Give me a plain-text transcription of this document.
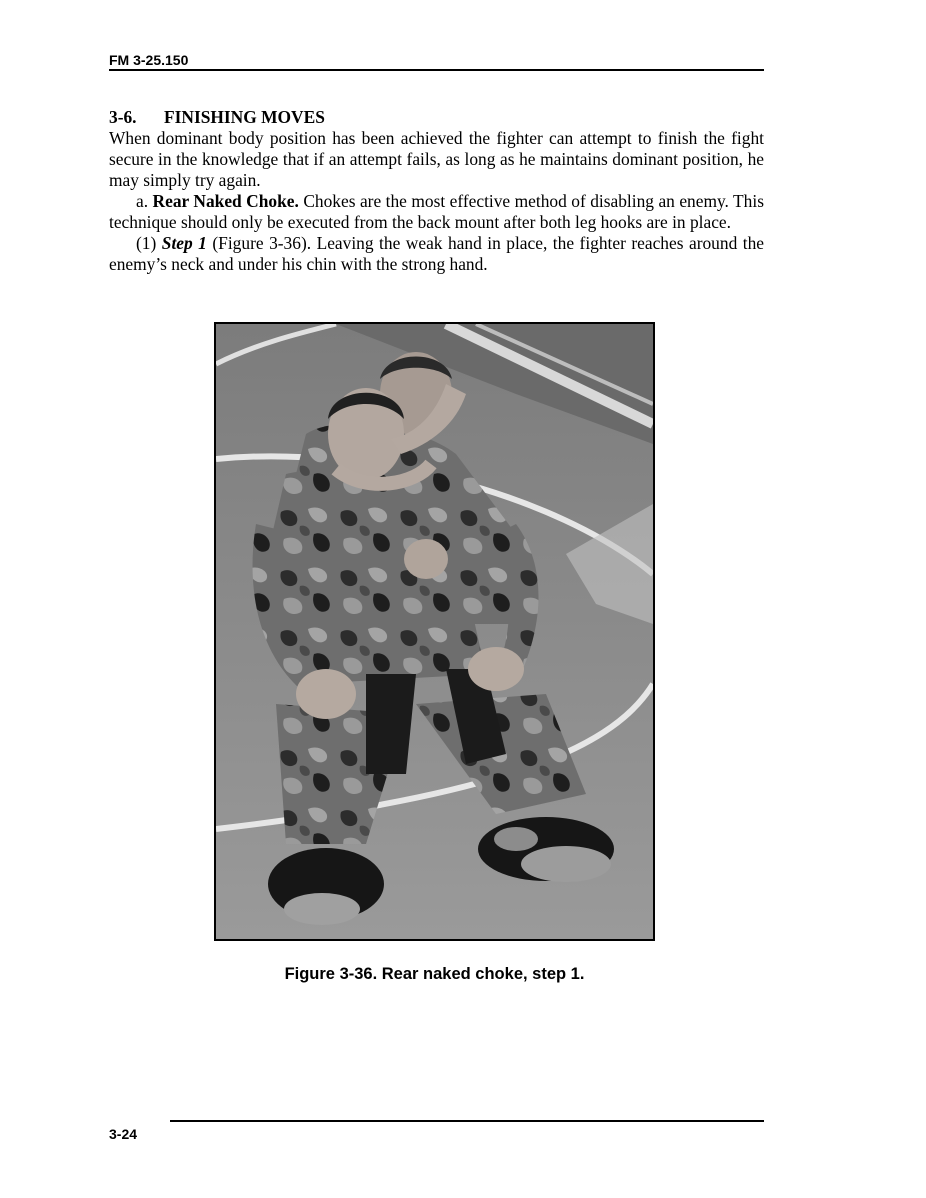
FM 3-25.150

3-6. FINISHING MOVES

When dominant body position has been achieved the fighter can attempt to finish the fight secure in the knowledge that if an attempt fails, as long as he maintains dominant position, he may simply try again.

a. Rear Naked Choke. Chokes are the most effective method of disabling an enemy. This technique should only be executed from the back mount after both leg hooks are in place.

(1) Step 1 (Figure 3-36). Leaving the weak hand in place, the fighter reaches around the enemy’s neck and under his chin with the strong hand.

Figure 3-36. Rear naked choke, step 1.
3-24
